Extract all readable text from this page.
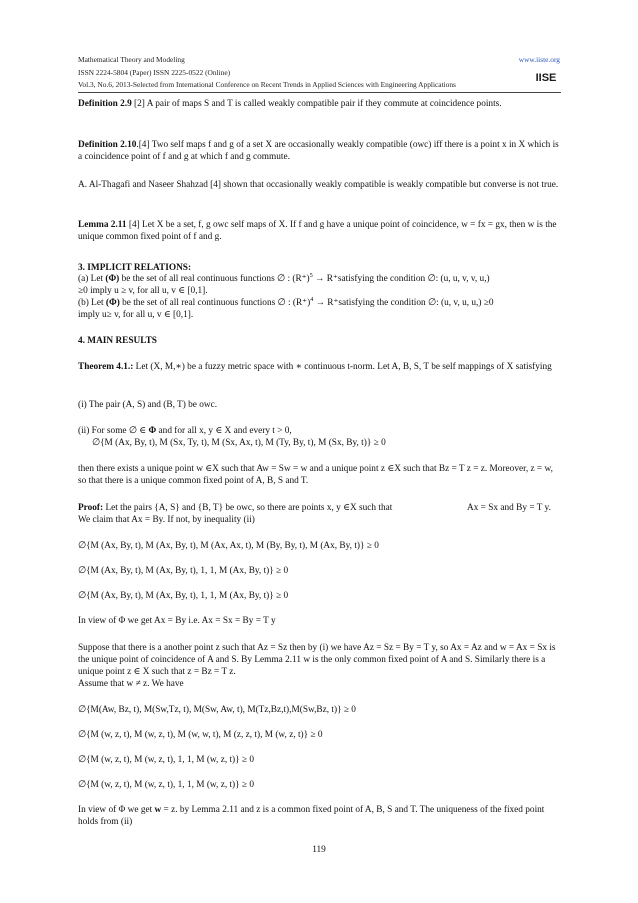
Mathematical Theory and Modeling	www.iiste.org
ISSN 2224-5804 (Paper) ISSN 2225-0522 (Online)
Vol.3, No.6, 2013-Selected from International Conference on Recent Trends in Applied Sciences with Engineering Applications
IISE
Definition 2.9 [2] A pair of maps S and T is called weakly compatible pair if they commute at coincidence points.
Definition 2.10.[4] Two self maps f and g of a set X are occasionally weakly compatible (owc) iff there is a point x in X which is a coincidence point of f and g at which f and g commute.
A. Al-Thagafi and Naseer Shahzad [4] shown that occasionally weakly compatible is weakly compatible but converse is not true.
Lemma 2.11 [4] Let X be a set, f, g owc self maps of X. If f and g have a unique point of coincidence, w = fx = gx, then w is the unique common fixed point of f and g.
3. IMPLICIT RELATIONS:
(a) Let (Φ) be the set of all real continuous functions ∅ : $(R^+)^5$ → R⁺satisfying the condition ∅: (u, u, v, v, u,)
≥0 imply u ≥ v, for all u, v ∈ [0,1].
(b) Let (Φ) be the set of all real continuous functions ∅ : $(R^+)^4$ → R⁺satisfying the condition ∅: (u, v, u, u,) ≥0
imply u≥ v, for all u, v ∈ [0,1].
4. MAIN RESULTS
Theorem 4.1.: Let (X, M,∗) be a fuzzy metric space with ∗ continuous t-norm. Let A, B, S, T be self mappings of X satisfying
(i) The pair (A, S) and (B, T) be owc.
(ii) For some ∅ ∈ Φ and for all x, y ∈ X and every t > 0,
∅{M (Ax, By, t), M (Sx, Ty, t), M (Sx, Ax, t), M (Ty, By, t), M (Sx, By, t)} ≥ 0
then there exists a unique point w ∈X such that Aw = Sw = w and a unique point z ∈X such that Bz = T z = z. Moreover, z = w, so that there is a unique common fixed point of A, B, S and T.
Proof: Let the pairs {A, S} and {B, T} be owc, so there are points x, y ∈X such that	Ax = Sx and By = T y.
We claim that Ax = By. If not, by inequality (ii)
∅{M (Ax, By, t), M (Ax, By, t), M (Ax, Ax, t), M (By, By, t), M (Ax, By, t)} ≥ 0
∅{M (Ax, By, t), M (Ax, By, t), 1, 1, M (Ax, By, t)} ≥ 0
∅{M (Ax, By, t), M (Ax, By, t), 1, 1, M (Ax, By, t)} ≥ 0
In view of Φ we get Ax = By i.e. Ax = Sx = By = T y
Suppose that there is a another point z such that Az = Sz then by (i) we have Az = Sz = By = T y, so Ax = Az and w = Ax = Sx is the unique point of coincidence of A and S. By Lemma 2.11 w is the only common fixed point of A and S. Similarly there is a unique point z ∈ X such that z = Bz = T z.
Assume that w ≠ z. We have
∅{M(Aw, Bz, t), M(Sw,Tz, t), M(Sw, Aw, t), M(Tz,Bz,t),M(Sw,Bz, t)} ≥ 0
∅{M (w, z, t), M (w, z, t), M (w, w, t), M (z, z, t), M (w, z, t)} ≥ 0
∅{M (w, z, t), M (w, z, t), 1, 1, M (w, z, t)} ≥ 0
∅{M (w, z, t), M (w, z, t), 1, 1, M (w, z, t)} ≥ 0
In view of Φ we get w = z. by Lemma 2.11 and z is a common fixed point of A, B, S and T. The uniqueness of the fixed point holds from (ii)
119
